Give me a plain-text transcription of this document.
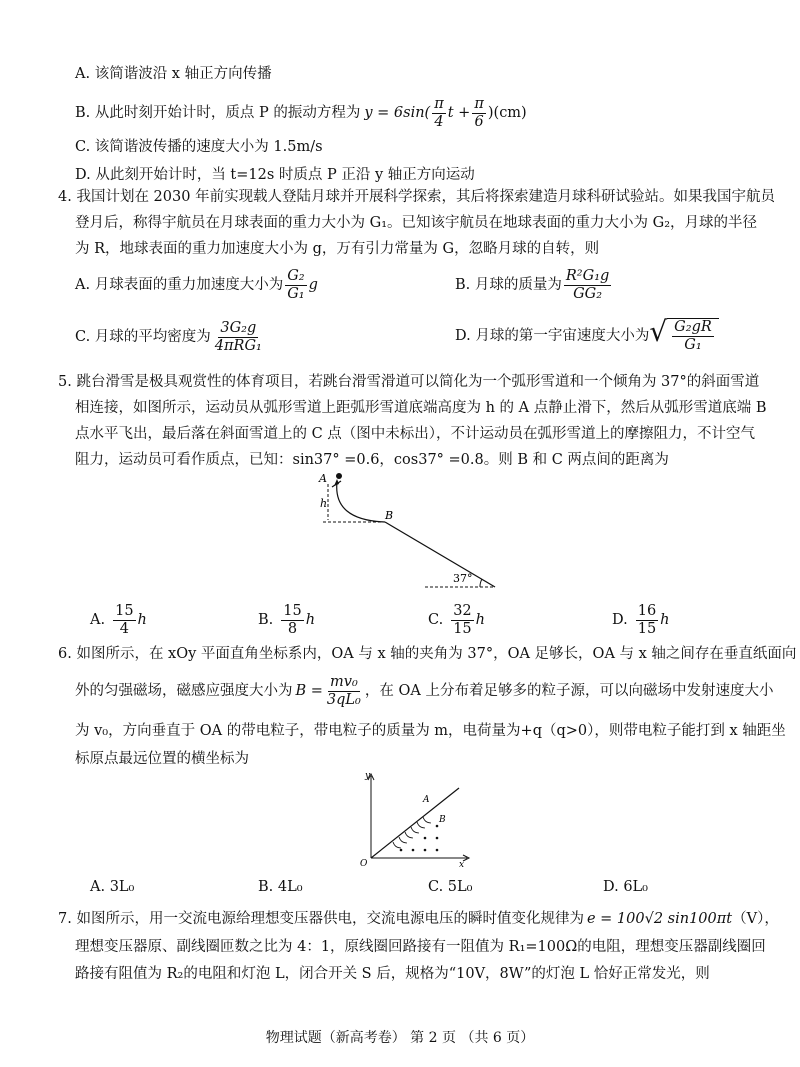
A. 该简谐波沿 x 轴正方向传播
B. 从此时刻开始计时，质点 P 的振动方程为 $y = 6\sin( \frac{\pi}{4}$ $t + \frac{\pi}{6} )(cm)$
C. 该简谐波传播的速度大小为 1.5m/s
D. 从此刻开始计时，当 t=12s 时质点 P 正沿 y 轴正方向运动
4. 我国计划在 2030 年前实现载人登陆月球并开展科学探索，其后将探索建造月球科研试验站。如果我国宇航员
登月后，称得宇航员在月球表面的重力大小为 G₁。已知该宇航员在地球表面的重力大小为 G₂，月球的半径
为 R，地球表面的重力加速度大小为 g，万有引力常量为 G，忽略月球的自转，则
A. 月球表面的重力加速度大小为 $\frac{\text{G₂}}{\text{G₁}}$ g	B. 月球的质量为 $\frac{\text{R²G₁g}}{\text{GG₂}}$
C. 月球的平均密度为 $\frac{\text{3G₂g}}{\text{4πRG₁}}$	D. 月球的第一宇宙速度大小为 √ $\frac{\text{G₂gR}}{\text{G₁}}$
5. 跳台滑雪是极具观赏性的体育项目，若跳台滑雪滑道可以简化为一个弧形雪道和一个倾角为 37°的斜面雪道
相连接，如图所示，运动员从弧形雪道上距弧形雪道底端高度为 h 的 A 点静止滑下，然后从弧形雪道底端 B
点水平飞出，最后落在斜面雪道上的 C 点（图中未标出），不计运动员在弧形雪道上的摩擦阻力，不计空气
阻力，运动员可看作质点，已知：sin37° =0.6，cos37° =0.8。则 B 和 C 两点间的距离为
A
h
B
37°
A. $\frac{15}{4}$ h	B. $\frac{15}{8}$ h	C. $\frac{32}{15}$ h	D. $\frac{16}{15}$ h
6. 如图所示，在 xOy 平面直角坐标系内，OA 与 x 轴的夹角为 37°，OA 足够长，OA 与 x 轴之间存在垂直纸面向
外的匀强磁场，磁感应强度大小为 $B = \frac{\text{mv₀}}{\text{3qL₀}}$ ，在 OA 上分布着足够多的粒子源，可以向磁场中发射速度大小
为 v₀，方向垂直于 OA 的带电粒子，带电粒子的质量为 m，电荷量为+q（q>0），则带电粒子能打到 x 轴距坐
标原点最远位置的横坐标为
y
x
O
A
B
A. 3L₀	B. 4L₀	C. 5L₀	D. 6L₀
7. 如图所示，用一交流电源给理想变压器供电，交流电源电压的瞬时值变化规律为 e = 100√2 sin100πt （V），
理想变压器原、副线圈匝数之比为 4：1，原线圈回路接有一阻值为 R₁=100Ω的电阻，理想变压器副线圈回
路接有阻值为 R₂的电阻和灯泡 L，闭合开关 S 后，规格为“10V，8W”的灯泡 L 恰好正常发光，则
物理试题（新高考卷） 第 2 页 （共 6 页）
